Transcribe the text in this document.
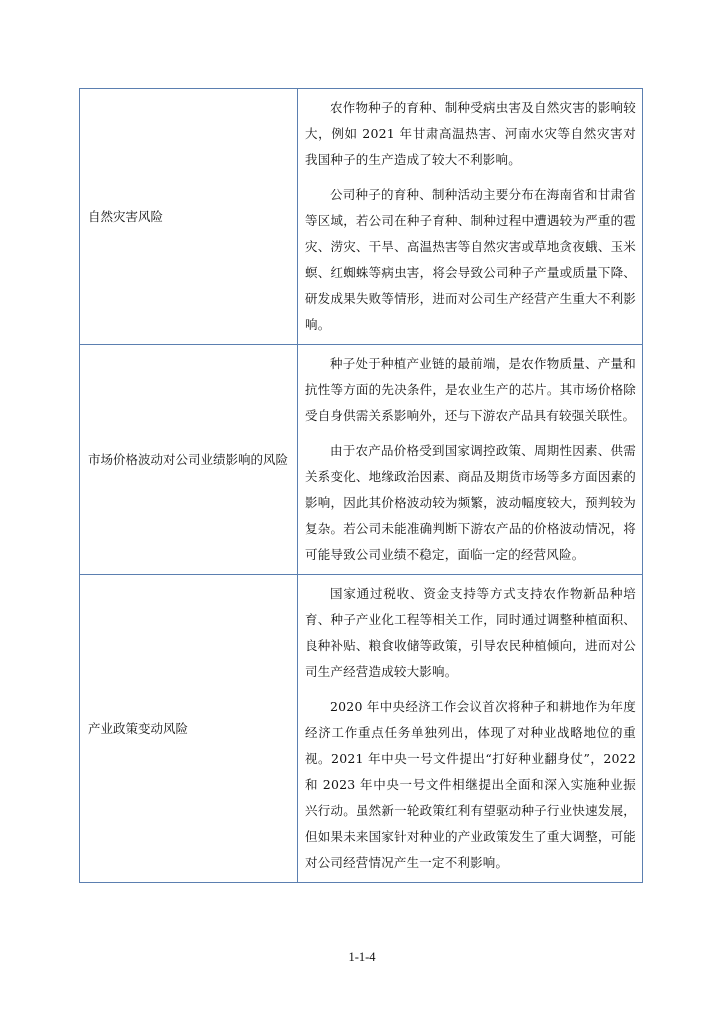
自然灾害风险	农作物种子的育种、制种受病虫害及自然灾害的影响较大，例如 2021 年甘肃高温热害、河南水灾等自然灾害对我国种子的生产造成了较大不利影响。

公司种子的育种、制种活动主要分布在海南省和甘肃省等区域，若公司在种子育种、制种过程中遭遇较为严重的雹灾、涝灾、干旱、高温热害等自然灾害或草地贪夜蛾、玉米螟、红蜘蛛等病虫害，将会导致公司种子产量或质量下降、研发成果失败等情形，进而对公司生产经营产生重大不利影响。

市场价格波动对公司业绩影响的风险	种子处于种植产业链的最前端，是农作物质量、产量和抗性等方面的先决条件，是农业生产的芯片。其市场价格除受自身供需关系影响外，还与下游农产品具有较强关联性。

由于农产品价格受到国家调控政策、周期性因素、供需关系变化、地缘政治因素、商品及期货市场等多方面因素的影响，因此其价格波动较为频繁，波动幅度较大，预判较为复杂。若公司未能准确判断下游农产品的价格波动情况，将可能导致公司业绩不稳定，面临一定的经营风险。

产业政策变动风险	国家通过税收、资金支持等方式支持农作物新品种培育、种子产业化工程等相关工作，同时通过调整种植面积、良种补贴、粮食收储等政策，引导农民种植倾向，进而对公司生产经营造成较大影响。

2020 年中央经济工作会议首次将种子和耕地作为年度经济工作重点任务单独列出，体现了对种业战略地位的重视。2021 年中央一号文件提出“打好种业翻身仗”，2022 和 2023 年中央一号文件相继提出全面和深入实施种业振兴行动。虽然新一轮政策红利有望驱动种子行业快速发展，但如果未来国家针对种业的产业政策发生了重大调整，可能对公司经营情况产生一定不利影响。

1-1-4
